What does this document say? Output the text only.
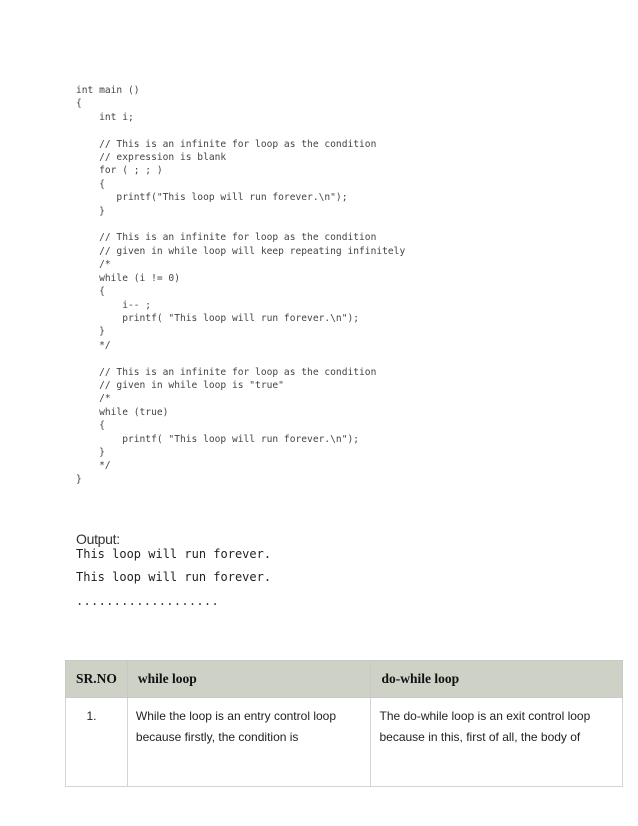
int main ()
{
int i;

// This is an infinite for loop as the condition
// expression is blank
for ( ; ; )
{
printf("This loop will run forever.\n");
}

// This is an infinite for loop as the condition
// given in while loop will keep repeating infinitely
/*
while (i != 0)
{
i-- ;
printf( "This loop will run forever.\n");
}
*/

// This is an infinite for loop as the condition
// given in while loop is "true"
/*
while (true)
{
printf( "This loop will run forever.\n");
}
*/
}
Output:
This loop will run forever.
This loop will run forever.
...................
SR.NO	while loop	do-while loop
1.	While the loop is an entry control loop because firstly, the condition is	The do-while loop is an exit control loop because in this, first of all, the body of
